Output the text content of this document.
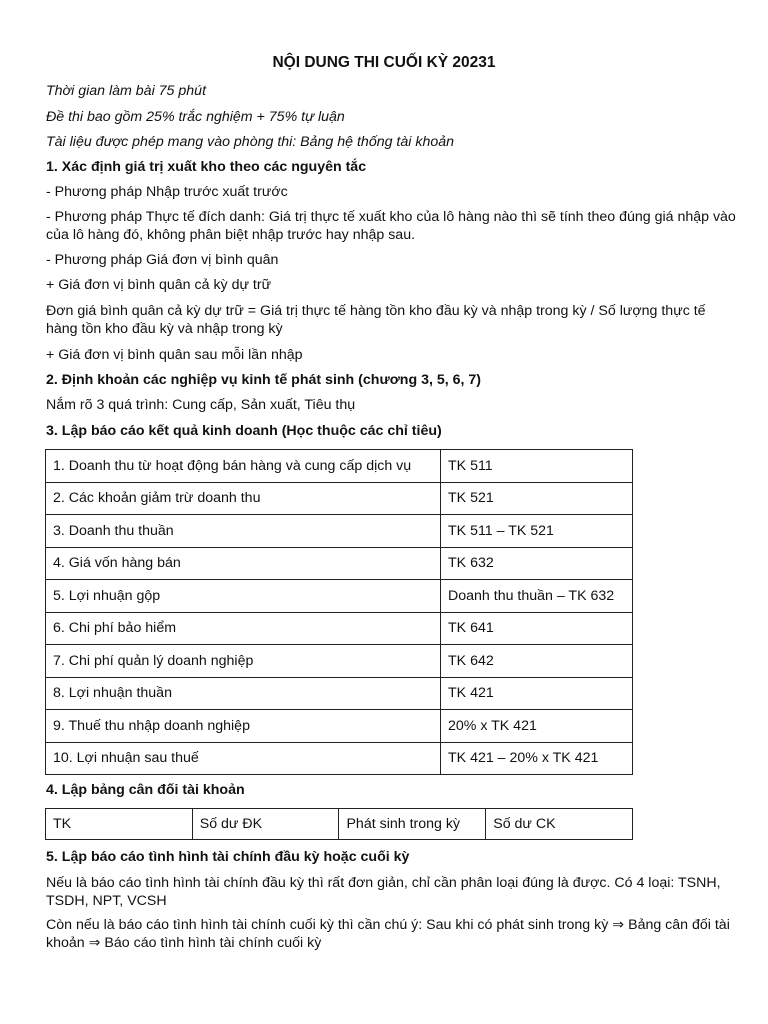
NỘI DUNG THI CUỐI KỲ 20231
Thời gian làm bài 75 phút
Đề thi bao gồm 25% trắc nghiệm + 75% tự luận
Tài liệu được phép mang vào phòng thi: Bảng hệ thống tài khoản
1. Xác định giá trị xuất kho theo các nguyên tắc
- Phương pháp Nhập trước xuất trước
- Phương pháp Thực tế đích danh: Giá trị thực tế xuất kho của lô hàng nào thì sẽ tính theo đúng giá nhập vào của lô hàng đó, không phân biệt nhập trước hay nhập sau.
- Phương pháp Giá đơn vị bình quân
+ Giá đơn vị bình quân cả kỳ dự trữ
Đơn giá bình quân cả kỳ dự trữ = Giá trị thực tế hàng tồn kho đầu kỳ và nhập trong kỳ / Số lượng thực tế hàng tồn kho đầu kỳ và nhập trong kỳ
+ Giá đơn vị bình quân sau mỗi lần nhập
2. Định khoản các nghiệp vụ kinh tế phát sinh (chương 3, 5, 6, 7)
Nắm rõ 3 quá trình: Cung cấp, Sản xuất, Tiêu thụ
3. Lập báo cáo kết quả kinh doanh (Học thuộc các chỉ tiêu)
1. Doanh thu từ hoạt động bán hàng và cung cấp dịch vụ	TK 511
2. Các khoản giảm trừ doanh thu	TK 521
3. Doanh thu thuần	TK 511 – TK 521
4. Giá vốn hàng bán	TK 632
5. Lợi nhuận gộp	Doanh thu thuần – TK 632
6. Chi phí bảo hiểm	TK 641
7. Chi phí quản lý doanh nghiệp	TK 642
8. Lợi nhuận thuần	TK 421
9. Thuế thu nhập doanh nghiệp	20% x TK 421
10. Lợi nhuận sau thuế	TK 421 – 20% x TK 421
4. Lập bảng cân đối tài khoản
TK	Số dư ĐK	Phát sinh trong kỳ	Số dư CK
5. Lập báo cáo tình hình tài chính đầu kỳ hoặc cuối kỳ
Nếu là báo cáo tình hình tài chính đầu kỳ thì rất đơn giản, chỉ cần phân loại đúng là được. Có 4 loại: TSNH, TSDH, NPT, VCSH
Còn nếu là báo cáo tình hình tài chính cuối kỳ thì cần chú ý: Sau khi có phát sinh trong kỳ ⇒ Bảng cân đối tài khoản ⇒ Báo cáo tình hình tài chính cuối kỳ
